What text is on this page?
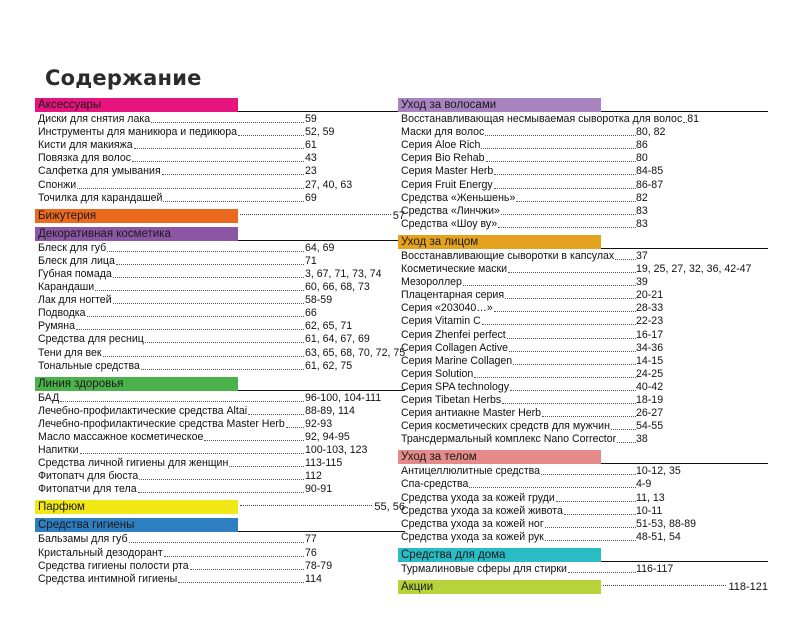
Содержание
Аксессуары
Диски для снятия лака	59
Инструменты для маникюра и педикюра	52, 59
Кисти для макияжа	61
Повязка для волос	43
Салфетка для умывания	23
Спонжи	27, 40, 63
Точилка для карандашей	69
Бижутерия	57
Декоративная косметика
Блеск для губ	64, 69
Блеск для лица	71
Губная помада	3, 67, 71, 73, 74
Карандаши	60, 66, 68, 73
Лак для ногтей	58-59
Подводка	66
Румяна	62, 65, 71
Средства для ресниц	61, 64, 67, 69
Тени для век	63, 65, 68, 70, 72, 75
Тональные средства	61, 62, 75
Линия здоровья
БАД	96-100, 104-111
Лечебно-профилактические средства Altai	88-89, 114
Лечебно-профилактические средства Master Herb 92-93
Масло массажное косметическое	92, 94-95
Напитки	100-103, 123
Средства личной гигиены для женщин	113-115
Фитопатч для бюста	112
Фитопатчи для тела	90-91
Парфюм	55, 56
Средства гигиены
Бальзамы для губ	77
Кристальный дезодорант	76
Средства гигиены полости рта	78-79
Средства интимной гигиены	114
Уход за волосами
Восстанавливающая несмываемая сыворотка для волос 81
Маски для волос	80, 82
Серия Aloe Rich	86
Серия Bio Rehab	80
Серия Master Herb	84-85
Серия Fruit Energy	86-87
Средства «Женьшень»	82
Средства «Линчжи»	83
Средства «Шоу ву»	83
Уход за лицом
Восстанавливающие сыворотки в капсулах 37
Косметические маски	19, 25, 27, 32, 36, 42-47
Мезороллер	39
Плацентарная серия	20-21
Серия «203040…»	28-33
Серия Vitamin C	22-23
Серия Zhenfei perfect	16-17
Серия Collagen Active	34-36
Серия Marine Collagen	14-15
Серия Solution	24-25
Серия SPA technology	40-42
Серия Tibetan Herbs	18-19
Серия антиакне Master Herb	26-27
Серия косметических средств для мужчин 54-55
Трансдермальный комплекс Nano Corrector 38
Уход за телом
Антицеллюлитные средства	10-12, 35
Спа-средства	4-9
Средства ухода за кожей груди	11, 13
Средства ухода за кожей живота	10-11
Средства ухода за кожей ног	51-53, 88-89
Средства ухода за кожей рук	48-51, 54
Средства для дома
Турмалиновые сферы для стирки	116-117
Акции	118-121
